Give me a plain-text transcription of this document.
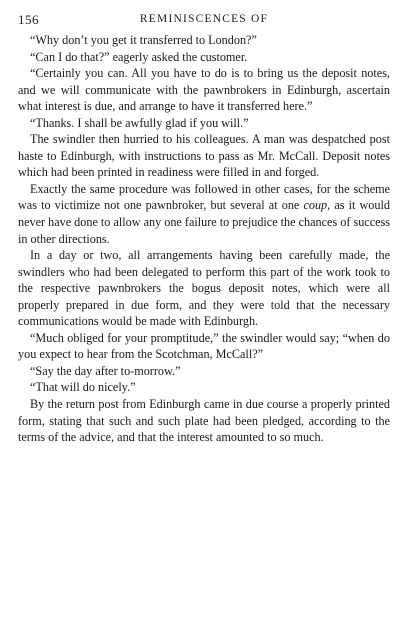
156	REMINISCENCES OF

“Why don’t you get it transferred to London?”

“Can I do that?” eagerly asked the customer.

“Certainly you can. All you have to do is to bring us the deposit notes, and we will communicate with the pawnbrokers in Edinburgh, ascertain what interest is due, and arrange to have it transferred here.”

“Thanks. I shall be awfully glad if you will.”

The swindler then hurried to his colleagues. A man was despatched post haste to Edinburgh, with instructions to pass as Mr. McCall. Deposit notes which had been printed in readiness were filled in and forged.

Exactly the same procedure was followed in other cases, for the scheme was to victimize not one pawnbroker, but several at one coup, as it would never have done to allow any one failure to prejudice the chances of success in other directions.

In a day or two, all arrangements having been carefully made, the swindlers who had been delegated to perform this part of the work took to the respective pawnbrokers the bogus deposit notes, which were all properly prepared in due form, and they were told that the necessary communications would be made with Edinburgh.

“Much obliged for your promptitude,” the swindler would say; “when do you expect to hear from the Scotchman, McCall?”

“Say the day after to-morrow.”

“That will do nicely.”

By the return post from Edinburgh came in due course a properly printed form, stating that such and such plate had been pledged, according to the terms of the advice, and that the interest amounted to so much.
